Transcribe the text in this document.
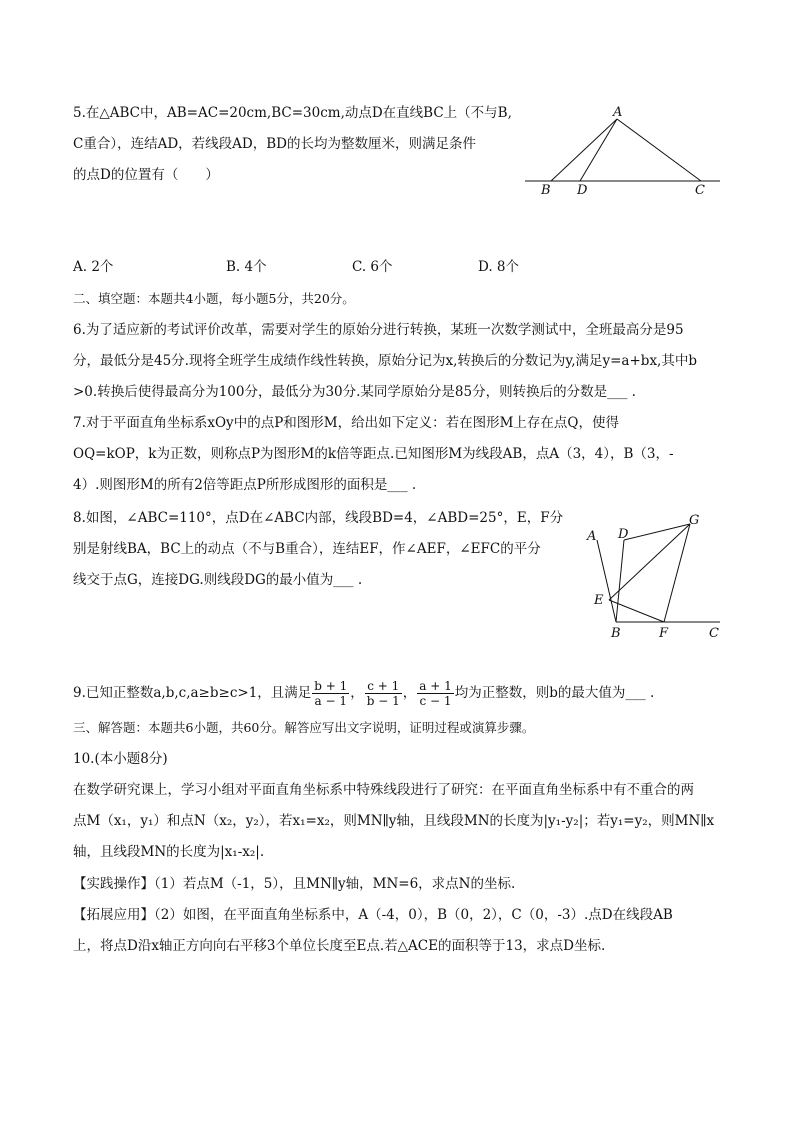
5.在△ABC中，AB=AC=20cm,BC=30cm,动点D在直线BC上（不与B,
C重合），连结AD，若线段AD，BD的长均为整数厘米，则满足条件
的点D的位置有（　　）
A
B D	C
A. 2个	B. 4个	C. 6个	D. 8个
二、填空题：本题共4小题，每小题5分，共20分。
6.为了适应新的考试评价改革，需要对学生的原始分进行转换，某班一次数学测试中，全班最高分是95
分，最低分是45分.现将全班学生成绩作线性转换，原始分记为x,转换后的分数记为y,满足y=a+bx,其中b
>0.转换后使得最高分为100分，最低分为30分.某同学原始分是85分，则转换后的分数是___ .
7.对于平面直角坐标系xOy中的点P和图形M，给出如下定义：若在图形M上存在点Q，使得
OQ=kOP，k为正数，则称点P为图形M的k倍等距点.已知图形M为线段AB，点A（3，4），B（3，-
4）.则图形M的所有2倍等距点P所形成图形的面积是___ .
8.如图，∠ABC=110°，点D在∠ABC内部，线段BD=4，∠ABD=25°，E，F分
别是射线BA，BC上的动点（不与B重合），连结EF，作∠AEF，∠EFC的平分
线交于点G，连接DG.则线段DG的最小值为___ .
A D
G
E
B	F	C
9.已知正整数a,b,c,a≥b≥c>1，且满足 $\frac{b + 1}{a - 1}$ ， $\frac{c + 1}{b - 1}$ ， $\frac{a + 1}{c - 1}$ 均为正整数，则b的最大值为___ .
三、解答题：本题共6小题，共60分。解答应写出文字说明，证明过程或演算步骤。
10.(本小题8分)
在数学研究课上，学习小组对平面直角坐标系中特殊线段进行了研究：在平面直角坐标系中有不重合的两
点M（x₁，y₁）和点N（x₂，y₂），若x₁=x₂，则MN∥y轴，且线段MN的长度为|y₁-y₂|；若y₁=y₂，则MN∥x
轴，且线段MN的长度为|x₁-x₂|.
【实践操作】（1）若点M（-1，5），且MN∥y轴，MN=6，求点N的坐标.
【拓展应用】（2）如图，在平面直角坐标系中，A（-4，0），B（0，2），C（0，-3）.点D在线段AB
上，将点D沿x轴正方向向右平移3个单位长度至E点.若△ACE的面积等于13，求点D坐标.
